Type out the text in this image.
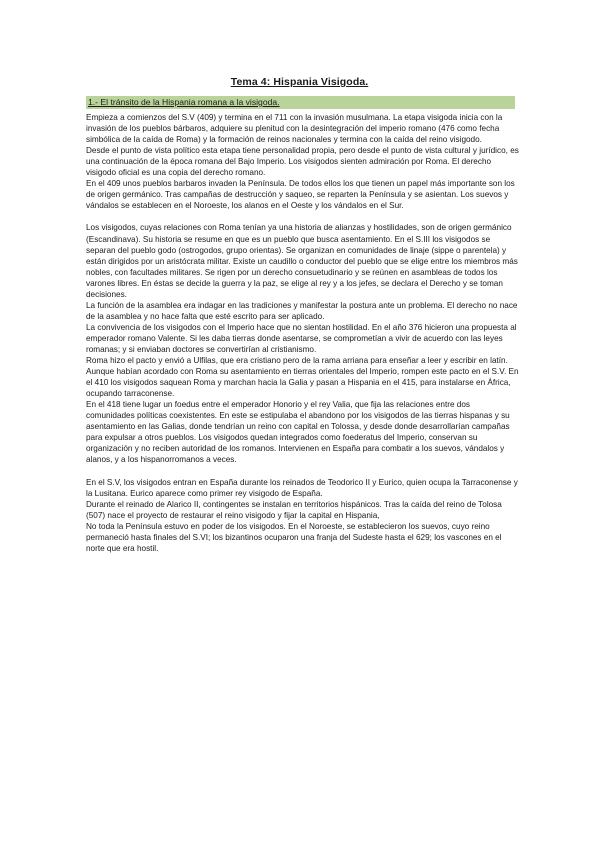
Tema 4: Hispania Visigoda.
1.- El tránsito de la Hispania romana a la visigoda.

Empieza a comienzos del S.V (409) y termina en el 711 con la invasión musulmana. La etapa visigoda inicia con la invasión de los pueblos bárbaros, adquiere su plenitud con la desintegración del imperio romano (476 como fecha simbólica de la caída de Roma) y la formación de reinos nacionales y termina con la caída del reino visigodo.

Desde el punto de vista político esta etapa tiene personalidad propia, pero desde el punto de vista cultural y jurídico, es una continuación de la época romana del Bajo Imperio. Los visigodos sienten admiración por Roma. El derecho visigodo oficial es una copia del derecho romano.

En el 409 unos pueblos barbaros invaden la Península. De todos ellos los que tienen un papel más importante son los de origen germánico. Tras campañas de destrucción y saqueo, se reparten la Península y se asientan. Los suevos y vándalos se establecen en el Noroeste, los alanos en el Oeste y los vándalos en el Sur.

Los visigodos, cuyas relaciones con Roma tenían ya una historia de alianzas y hostilidades, son de origen germánico (Escandinava). Su historia se resume en que es un pueblo que busca asentamiento. En el S.III los visigodos se separan del pueblo godo (ostrogodos, grupo orientas). Se organizan en comunidades de linaje (sippe o parentela) y están dirigidos por un aristócrata militar. Existe un caudillo o conductor del pueblo que se elige entre los miembros más nobles, con facultades militares. Se rigen por un derecho consuetudinario y se reúnen en asambleas de todos los varones libres. En éstas se decide la guerra y la paz, se elige al rey y a los jefes, se declara el Derecho y se toman decisiones.

La función de la asamblea era indagar en las tradiciones y manifestar la postura ante un problema. El derecho no nace de la asamblea y no hace falta que esté escrito para ser aplicado.

La convivencia de los visigodos con el Imperio hace que no sientan hostilidad. En el año 376 hicieron una propuesta al emperador romano Valente. Si les daba tierras donde asentarse, se comprometían a vivir de acuerdo con las leyes romanas; y si enviaban doctores se convertirían al cristianismo.

Roma hizo el pacto y envió a Ulfilas, que era cristiano pero de la rama arriana para enseñar a leer y escribir en latín.

Aunque habían acordado con Roma su asentamiento en tierras orientales del Imperio, rompen este pacto en el S.V. En el 410 los visigodos saquean Roma y marchan hacia la Galia y pasan a Hispania en el 415, para instalarse en África, ocupando tarraconense.

En el 418 tiene lugar un foedus entre el emperador Honorio y el rey Valia, que fija las relaciones entre dos comunidades políticas coexistentes. En este se estipulaba el abandono por los visigodos de las tierras hispanas y su asentamiento en las Galias, donde tendrían un reino con capital en Tolossa, y desde donde desarrollarían campañas para expulsar a otros pueblos. Los visigodos quedan integrados como foederatus del Imperio, conservan su organización y no reciben autoridad de los romanos. Intervienen en España para combatir a los suevos, vándalos y alanos, y a los hispanorromanos a veces.

En el S.V, los visigodos entran en España durante los reinados de Teodorico II y Eurico, quien ocupa la Tarraconense y la Lusitana. Eurico aparece como primer rey visigodo de España.

Durante el reinado de Alarico II, contingentes se instalan en territorios hispánicos. Tras la caída del reino de Tolosa (507) nace el proyecto de restaurar el reino visigodo y fijar la capital en Hispania,

No toda la Península estuvo en poder de los visigodos. En el Noroeste, se establecieron los suevos, cuyo reino permaneció hasta finales del S.VI; los bizantinos ocuparon una franja del Sudeste hasta el 629; los vascones en el norte que era hostil.
